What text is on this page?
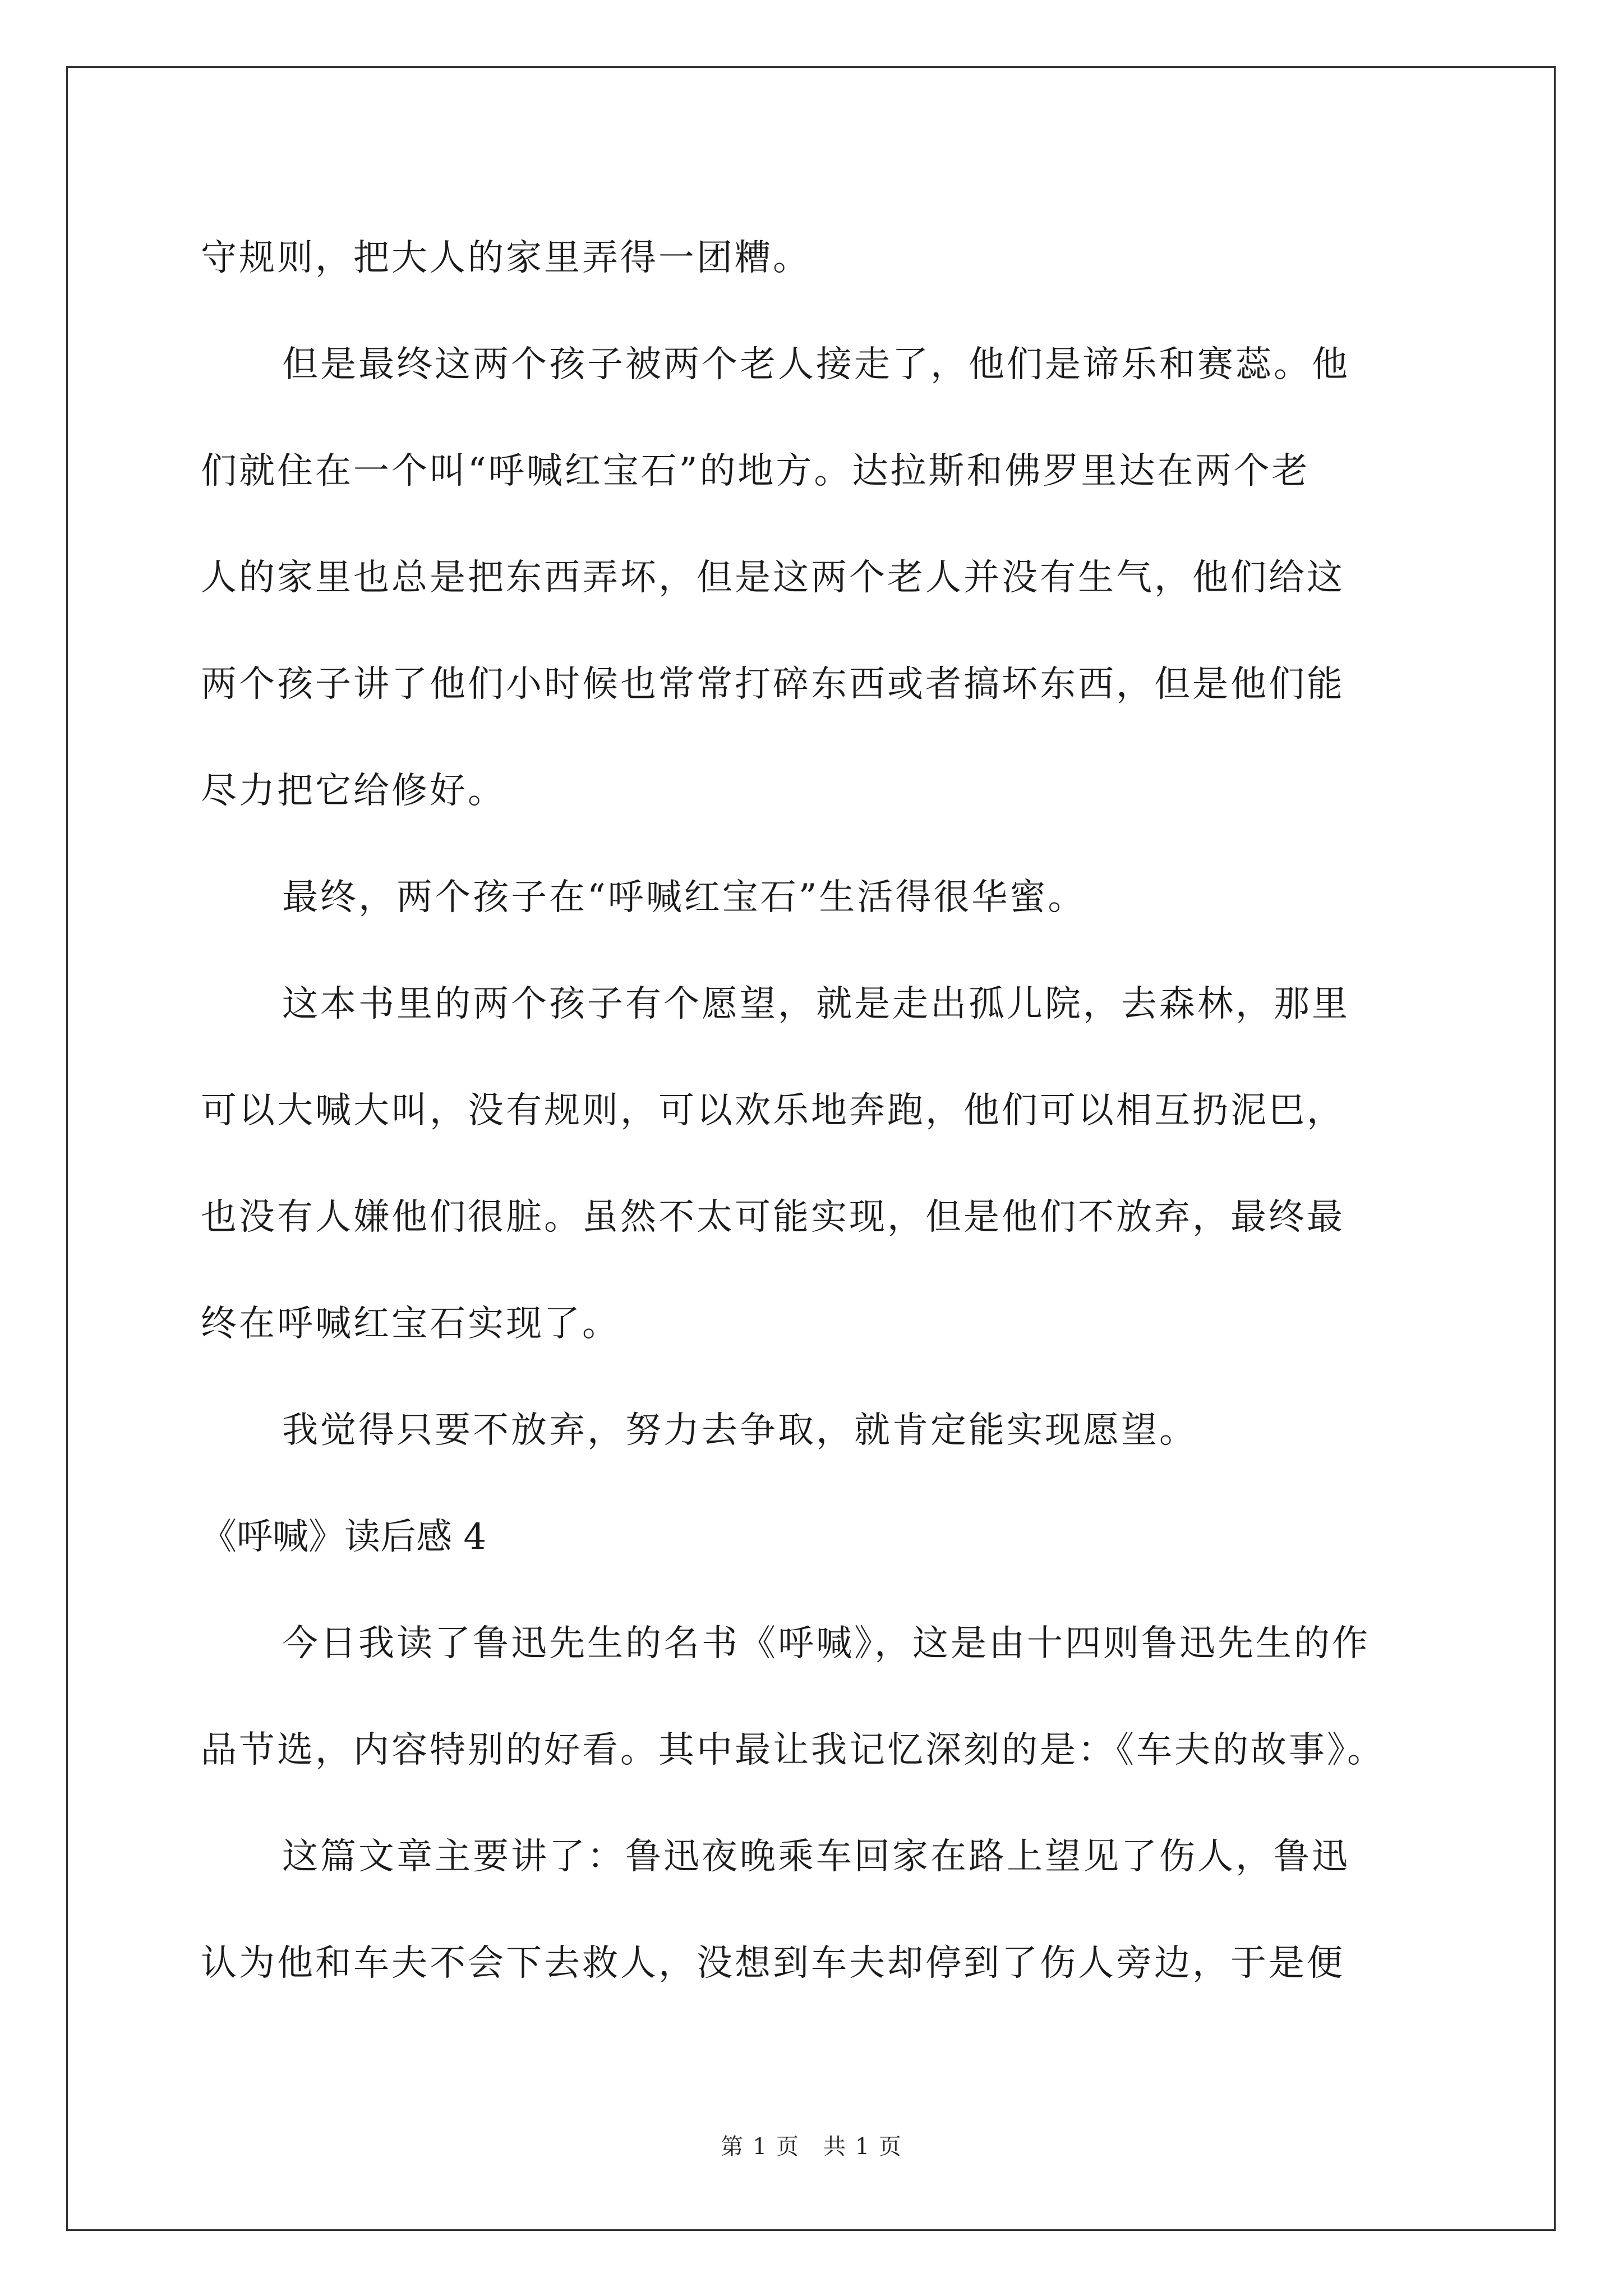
守规则，把大人的家里弄得一团糟。
但是最终这两个孩子被两个老人接走了，他们是谛乐和赛蕊。他
们就住在一个叫“呼喊红宝石”的地方。达拉斯和佛罗里达在两个老
人的家里也总是把东西弄坏，但是这两个老人并没有生气，他们给这
两个孩子讲了他们小时候也常常打碎东西或者搞坏东西，但是他们能
尽力把它给修好。
最终，两个孩子在“呼喊红宝石”生活得很华蜜。
这本书里的两个孩子有个愿望，就是走出孤儿院，去森林，那里
可以大喊大叫，没有规则，可以欢乐地奔跑，他们可以相互扔泥巴，
也没有人嫌他们很脏。虽然不太可能实现，但是他们不放弃，最终最
终在呼喊红宝石实现了。
我觉得只要不放弃，努力去争取，就肯定能实现愿望。
《呼喊》读后感 4
今日我读了鲁迅先生的名书《呼喊》，这是由十四则鲁迅先生的作
品节选，内容特别的好看。其中最让我记忆深刻的是：《车夫的故事》。
这篇文章主要讲了：鲁迅夜晚乘车回家在路上望见了伤人，鲁迅
认为他和车夫不会下去救人，没想到车夫却停到了伤人旁边，于是便
第 1 页　共 1 页
